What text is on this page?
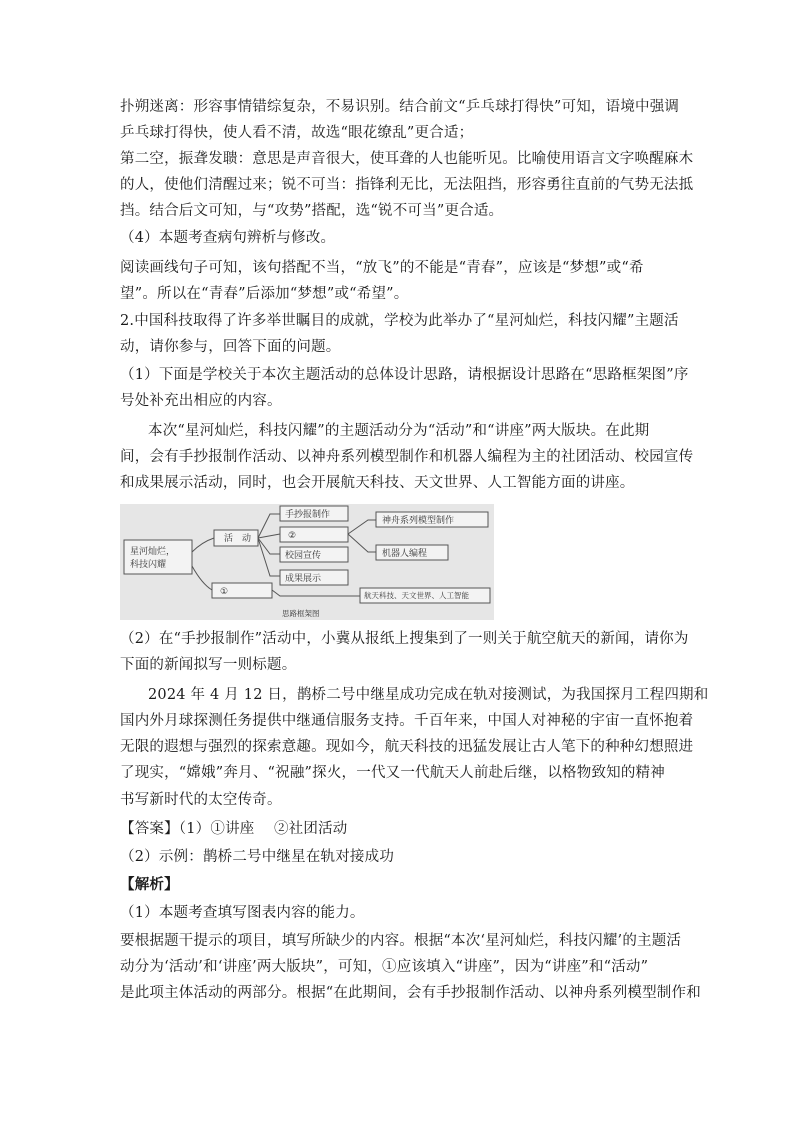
扑朔迷离：形容事情错综复杂，不易识别。结合前文“乒乓球打得快”可知，语境中强调
乒乓球打得快，使人看不清，故选“眼花缭乱”更合适；
第二空，振聋发聩：意思是声音很大，使耳聋的人也能听见。比喻使用语言文字唤醒麻木
的人，使他们清醒过来；锐不可当：指锋利无比，无法阻挡，形容勇往直前的气势无法抵
挡。结合后文可知，与“攻势”搭配，选“锐不可当”更合适。
（4）本题考查病句辨析与修改。
阅读画线句子可知，该句搭配不当，“放飞”的不能是“青春”，应该是“梦想”或“希
望”。所以在“青春”后添加“梦想”或“希望”。
2.中国科技取得了许多举世瞩目的成就，学校为此举办了“星河灿烂，科技闪耀”主题活
动，请你参与，回答下面的问题。
（1）下面是学校关于本次主题活动的总体设计思路，请根据设计思路在“思路框架图”序
号处补充出相应的内容。
本次“星河灿烂，科技闪耀”的主题活动分为“活动”和“讲座”两大版块。在此期
间，会有手抄报制作活动、以神舟系列模型制作和机器人编程为主的社团活动、校园宣传
和成果展示活动，同时，也会开展航天科技、天文世界、人工智能方面的讲座。
星河灿烂，
科技闪耀
活　动
手抄报制作
②
校园宣传
成果展示
神舟系列模型制作
机器人编程
①	航天科技、天文世界、人工智能
思路框架图
（2）在“手抄报制作”活动中，小冀从报纸上搜集到了一则关于航空航天的新闻，请你为
下面的新闻拟写一则标题。
2024 年 4 月 12 日，鹊桥二号中继星成功完成在轨对接测试，为我国探月工程四期和
国内外月球探测任务提供中继通信服务支持。千百年来，中国人对神秘的宇宙一直怀抱着
无限的遐想与强烈的探索意趣。现如今，航天科技的迅猛发展让古人笔下的种种幻想照进
了现实，“嫦娥”奔月、“祝融”探火，一代又一代航天人前赴后继，以格物致知的精神
书写新时代的太空传奇。
【答案】（1）①讲座　 ②社团活动
（2）示例：鹊桥二号中继星在轨对接成功
【解析】
（1）本题考查填写图表内容的能力。
要根据题干提示的项目，填写所缺少的内容。根据“本次‘星河灿烂，科技闪耀’的主题活
动分为‘活动’和‘讲座’两大版块”，可知，①应该填入“讲座”，因为“讲座”和“活动”
是此项主体活动的两部分。根据“在此期间，会有手抄报制作活动、以神舟系列模型制作和
